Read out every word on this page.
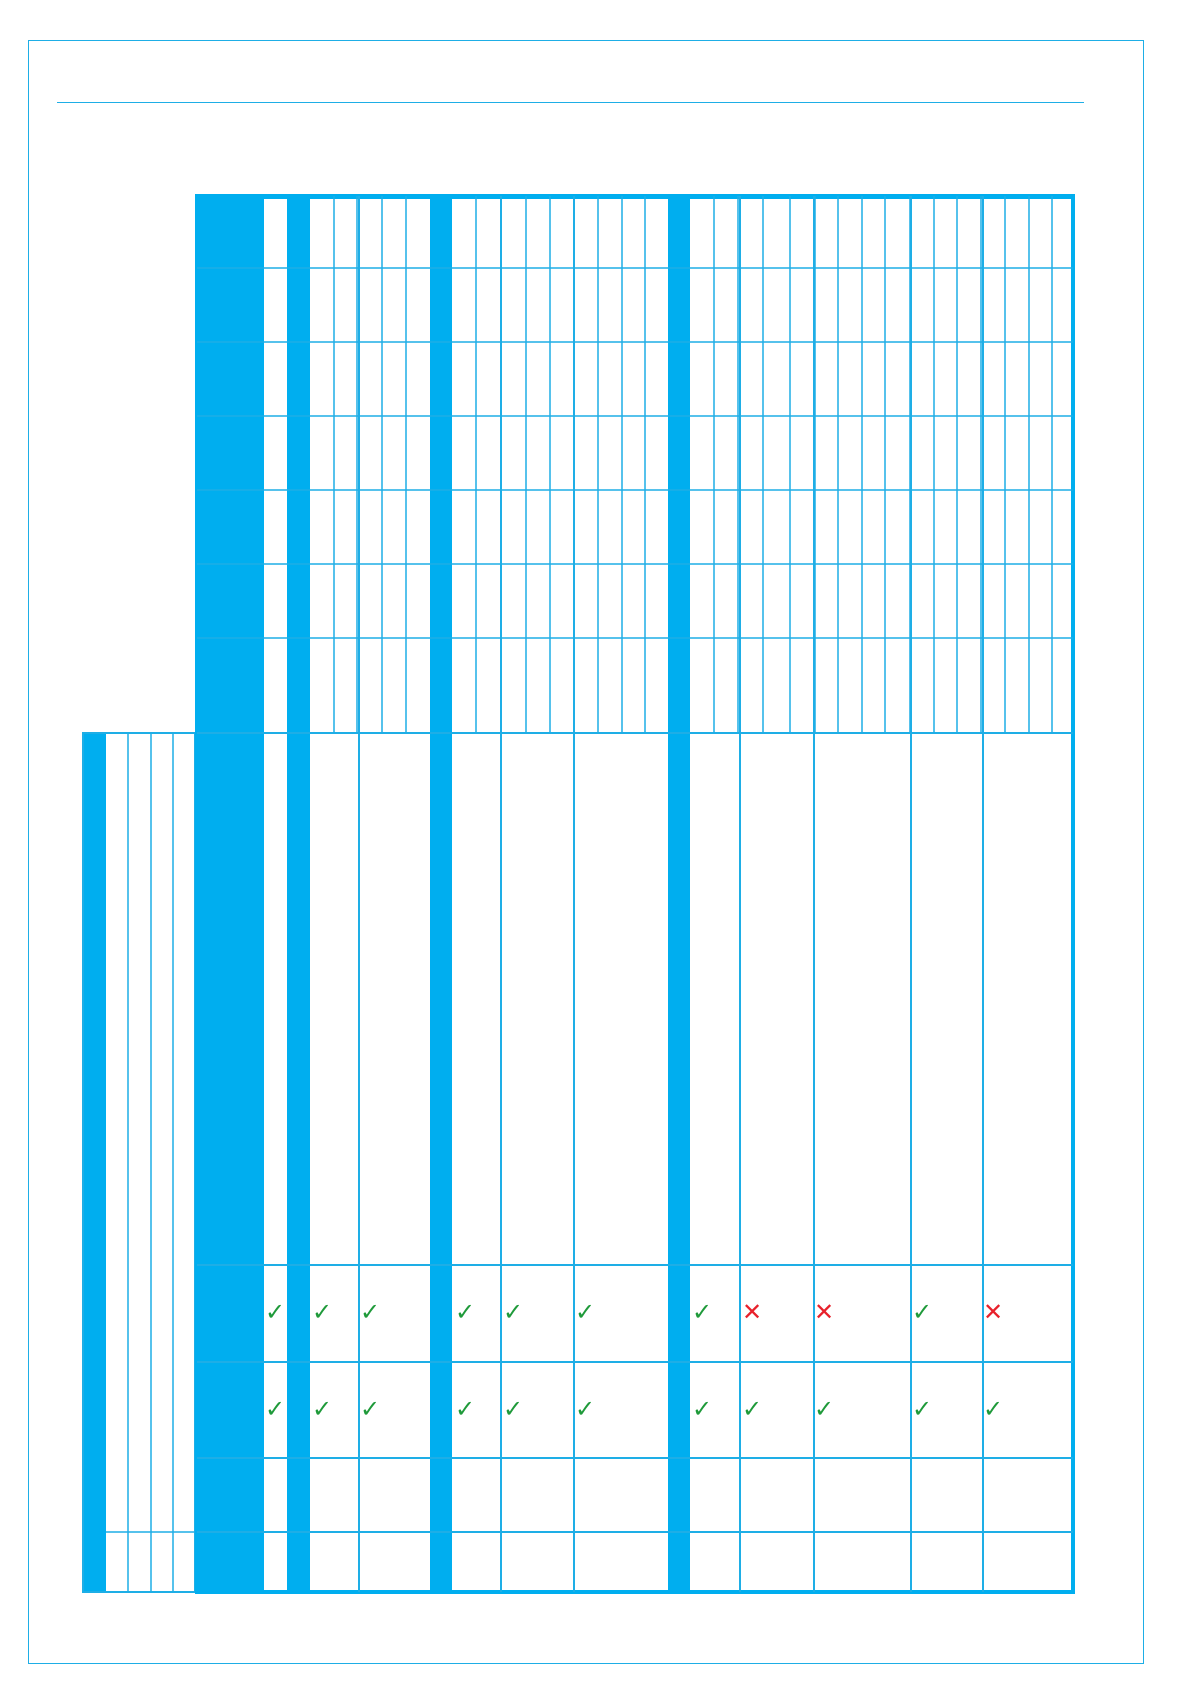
✓ ✓ ✓	✓ ✓ ✓	✓ ✕ ✕	✓ ✕
✓ ✓ ✓	✓ ✓ ✓	✓ ✓ ✓	✓ ✓
